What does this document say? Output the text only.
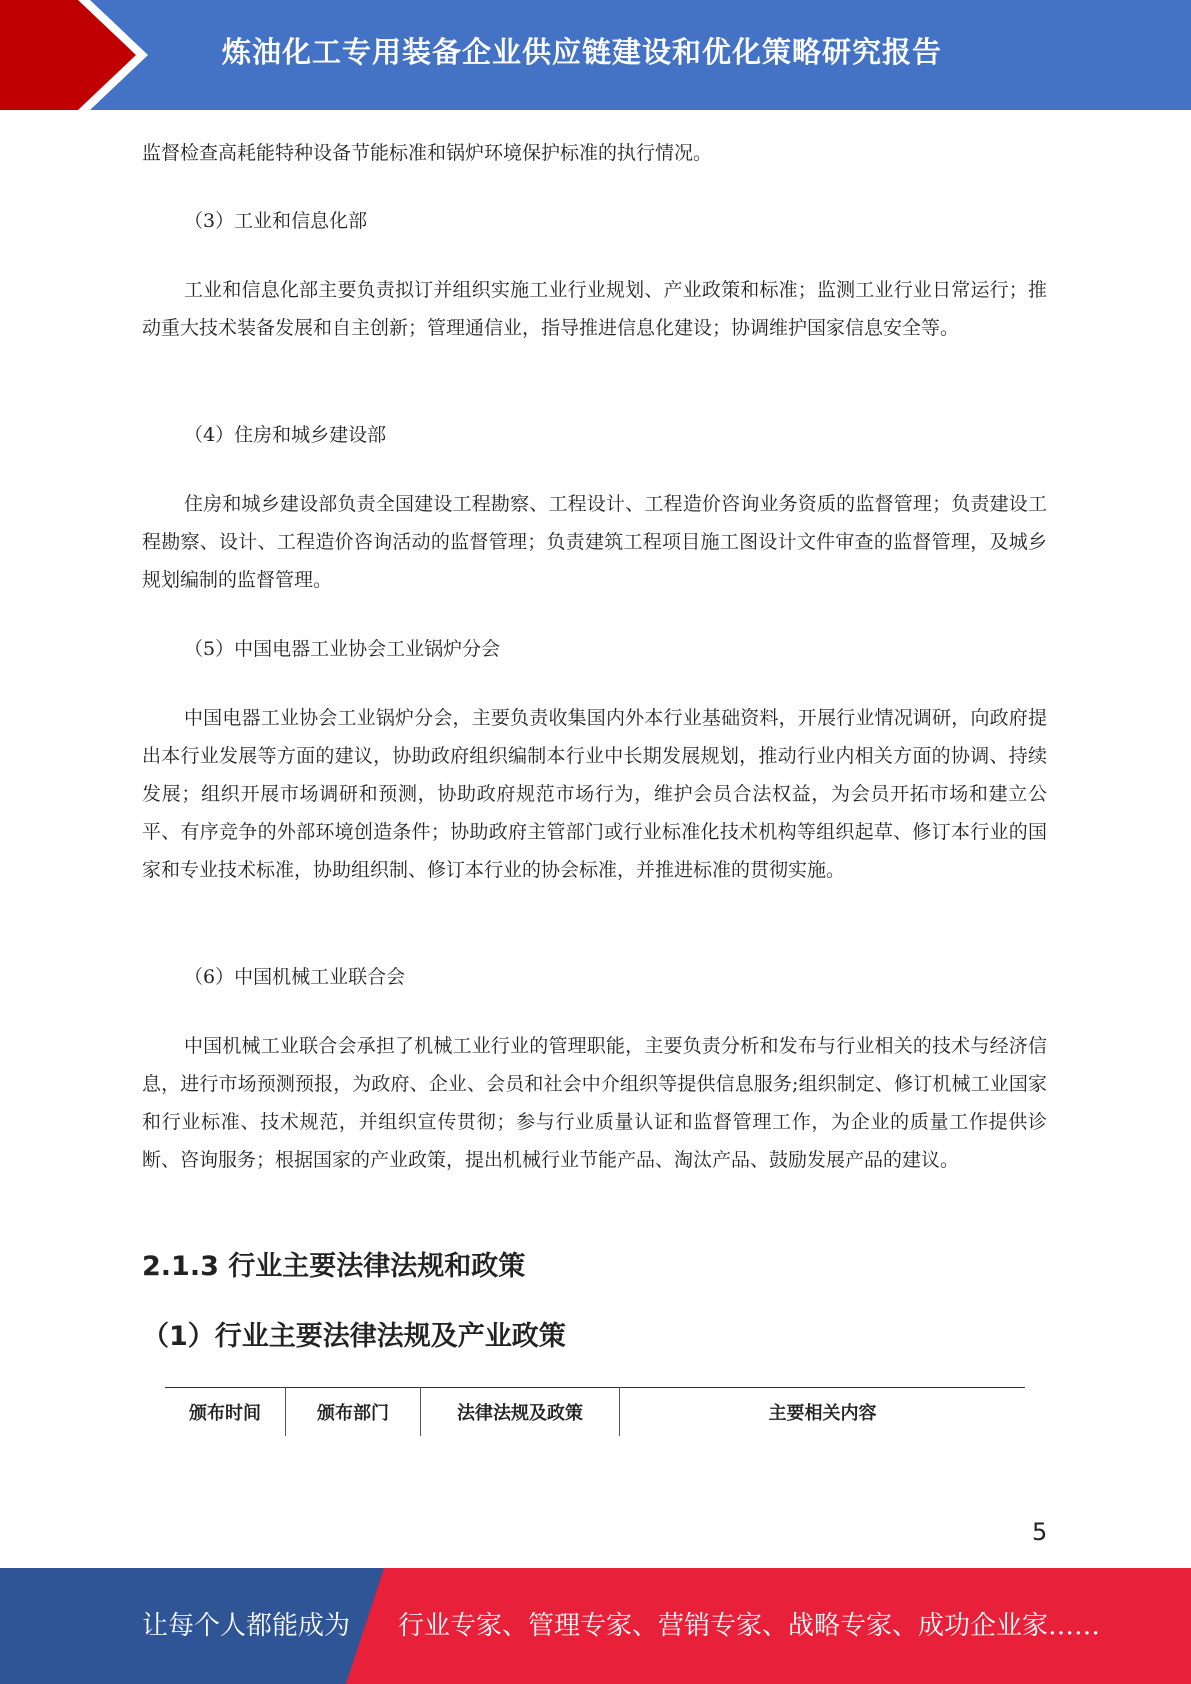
炼油化工专用装备企业供应链建设和优化策略研究报告

监督检查高耗能特种设备节能标准和锅炉环境保护标准的执行情况。

（3）工业和信息化部

工业和信息化部主要负责拟订并组织实施工业行业规划、产业政策和标准；监测工业行业日常运行；推动重大技术装备发展和自主创新；管理通信业，指导推进信息化建设；协调维护国家信息安全等。

（4）住房和城乡建设部

住房和城乡建设部负责全国建设工程勘察、工程设计、工程造价咨询业务资质的监督管理；负责建设工程勘察、设计、工程造价咨询活动的监督管理；负责建筑工程项目施工图设计文件审查的监督管理，及城乡规划编制的监督管理。

（5）中国电器工业协会工业锅炉分会

中国电器工业协会工业锅炉分会，主要负责收集国内外本行业基础资料，开展行业情况调研，向政府提出本行业发展等方面的建议，协助政府组织编制本行业中长期发展规划，推动行业内相关方面的协调、持续发展；组织开展市场调研和预测，协助政府规范市场行为，维护会员合法权益，为会员开拓市场和建立公平、有序竞争的外部环境创造条件；协助政府主管部门或行业标准化技术机构等组织起草、修订本行业的国家和专业技术标准，协助组织制、修订本行业的协会标准，并推进标准的贯彻实施。

（6）中国机械工业联合会

中国机械工业联合会承担了机械工业行业的管理职能，主要负责分析和发布与行业相关的技术与经济信息，进行市场预测预报，为政府、企业、会员和社会中介组织等提供信息服务;组织制定、修订机械工业国家和行业标准、技术规范，并组织宣传贯彻；参与行业质量认证和监督管理工作，为企业的质量工作提供诊断、咨询服务；根据国家的产业政策，提出机械行业节能产品、淘汰产品、鼓励发展产品的建议。

2.1.3 行业主要法律法规和政策
（1）行业主要法律法规及产业政策
颁布时间	颁布部门	法律法规及政策	主要相关内容
5
让每个人都能成为 行业专家、管理专家、营销专家、战略专家、成功企业家……
